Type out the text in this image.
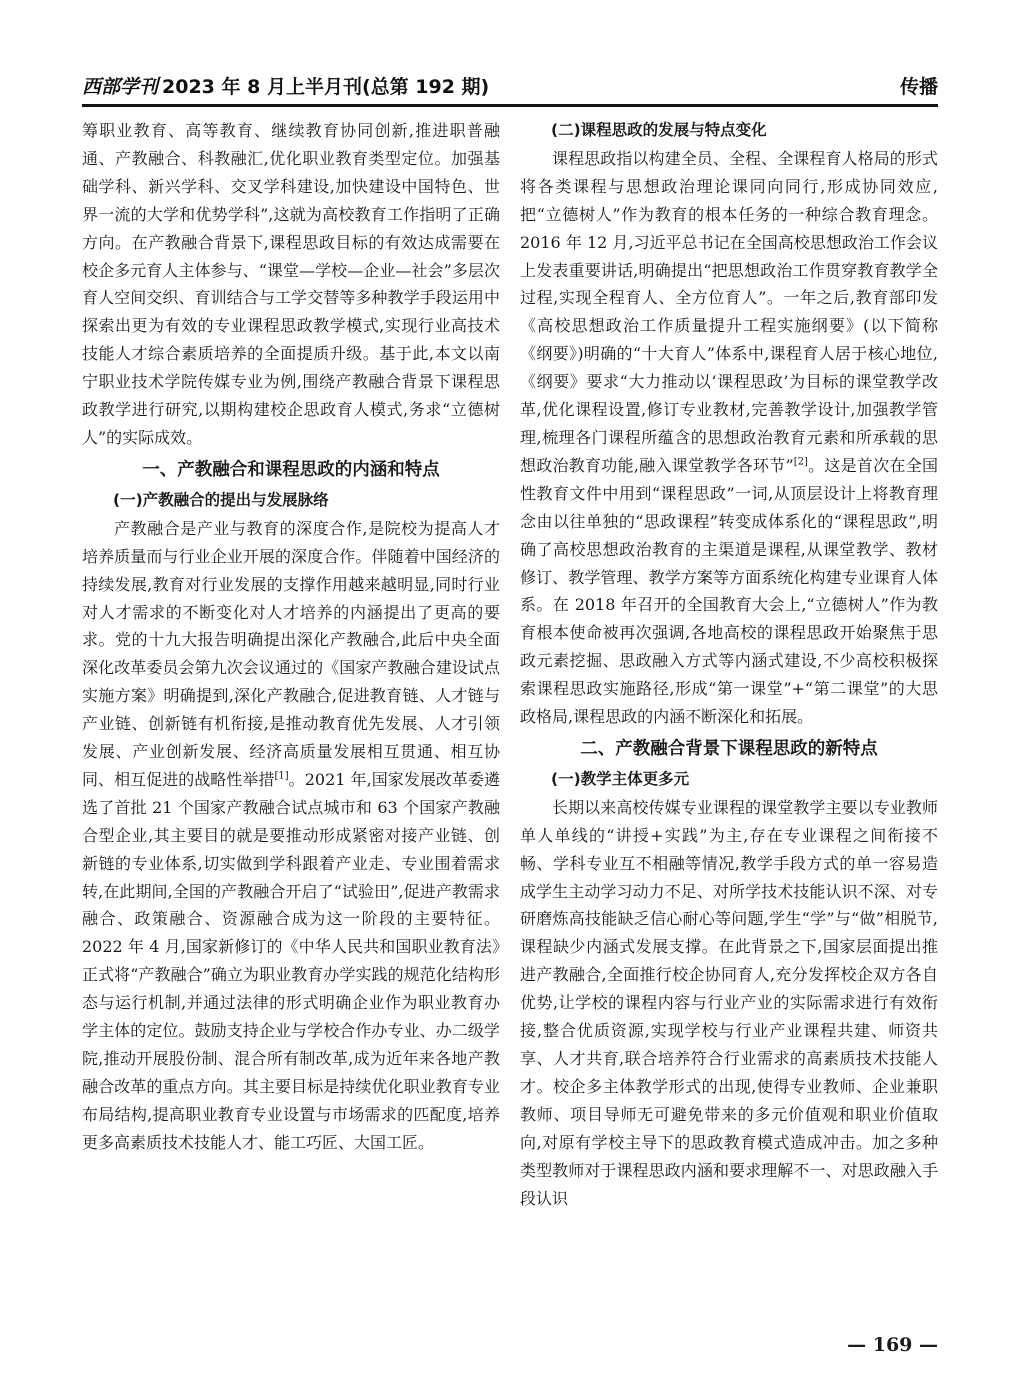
西部学刊 2023 年 8 月上半月刊(总第 192 期)	传播

筹职业教育、高等教育、继续教育协同创新,推进职普融通、产教融合、科教融汇,优化职业教育类型定位。加强基础学科、新兴学科、交叉学科建设,加快建设中国特色、世界一流的大学和优势学科”,这就为高校教育工作指明了正确方向。在产教融合背景下,课程思政目标的有效达成需要在校企多元育人主体参与、“课堂—学校—企业—社会”多层次育人空间交织、育训结合与工学交替等多种教学手段运用中探索出更为有效的专业课程思政教学模式,实现行业高技术技能人才综合素质培养的全面提质升级。基于此,本文以南宁职业技术学院传媒专业为例,围绕产教融合背景下课程思政教学进行研究,以期构建校企思政育人模式,务求“立德树人”的实际成效。

一、产教融合和课程思政的内涵和特点
(一)产教融合的提出与发展脉络

产教融合是产业与教育的深度合作,是院校为提高人才培养质量而与行业企业开展的深度合作。伴随着中国经济的持续发展,教育对行业发展的支撑作用越来越明显,同时行业对人才需求的不断变化对人才培养的内涵提出了更高的要求。党的十九大报告明确提出深化产教融合,此后中央全面深化改革委员会第九次会议通过的《国家产教融合建设试点实施方案》明确提到,深化产教融合,促进教育链、人才链与产业链、创新链有机衔接,是推动教育优先发展、人才引领发展、产业创新发展、经济高质量发展相互贯通、相互协同、相互促进的战略性举措[1]。2021 年,国家发展改革委遴选了首批 21 个国家产教融合试点城市和 63 个国家产教融合型企业,其主要目的就是要推动形成紧密对接产业链、创新链的专业体系,切实做到学科跟着产业走、专业围着需求转,在此期间,全国的产教融合开启了“试验田”,促进产教需求融合、政策融合、资源融合成为这一阶段的主要特征。2022 年 4 月,国家新修订的《中华人民共和国职业教育法》正式将“产教融合”确立为职业教育办学实践的规范化结构形态与运行机制,并通过法律的形式明确企业作为职业教育办学主体的定位。鼓励支持企业与学校合作办专业、办二级学院,推动开展股份制、混合所有制改革,成为近年来各地产教融合改革的重点方向。其主要目标是持续优化职业教育专业布局结构,提高职业教育专业设置与市场需求的匹配度,培养更多高素质技术技能人才、能工巧匠、大国工匠。

(二)课程思政的发展与特点变化

课程思政指以构建全员、全程、全课程育人格局的形式将各类课程与思想政治理论课同向同行,形成协同效应,把“立德树人”作为教育的根本任务的一种综合教育理念。2016 年 12 月,习近平总书记在全国高校思想政治工作会议上发表重要讲话,明确提出“把思想政治工作贯穿教育教学全过程,实现全程育人、全方位育人”。一年之后,教育部印发《高校思想政治工作质量提升工程实施纲要》(以下简称《纲要》)明确的“十大育人”体系中,课程育人居于核心地位,《纲要》要求“大力推动以‘课程思政’为目标的课堂教学改革,优化课程设置,修订专业教材,完善教学设计,加强教学管理,梳理各门课程所蕴含的思想政治教育元素和所承载的思想政治教育功能,融入课堂教学各环节”[2]。这是首次在全国性教育文件中用到“课程思政”一词,从顶层设计上将教育理念由以往单独的“思政课程”转变成体系化的“课程思政”,明确了高校思想政治教育的主渠道是课程,从课堂教学、教材修订、教学管理、教学方案等方面系统化构建专业课育人体系。在 2018 年召开的全国教育大会上,“立德树人”作为教育根本使命被再次强调,各地高校的课程思政开始聚焦于思政元素挖掘、思政融入方式等内涵式建设,不少高校积极探索课程思政实施路径,形成“第一课堂”+“第二课堂”的大思政格局,课程思政的内涵不断深化和拓展。

二、产教融合背景下课程思政的新特点
(一)教学主体更多元

长期以来高校传媒专业课程的课堂教学主要以专业教师单人单线的“讲授+实践”为主,存在专业课程之间衔接不畅、学科专业互不相融等情况,教学手段方式的单一容易造成学生主动学习动力不足、对所学技术技能认识不深、对专研磨炼高技能缺乏信心耐心等问题,学生“学”与“做”相脱节,课程缺少内涵式发展支撑。在此背景之下,国家层面提出推进产教融合,全面推行校企协同育人,充分发挥校企双方各自优势,让学校的课程内容与行业产业的实际需求进行有效衔接,整合优质资源,实现学校与行业产业课程共建、师资共享、人才共育,联合培养符合行业需求的高素质技术技能人才。校企多主体教学形式的出现,使得专业教师、企业兼职教师、项目导师无可避免带来的多元价值观和职业价值取向,对原有学校主导下的思政教育模式造成冲击。加之多种类型教师对于课程思政内涵和要求理解不一、对思政融入手段认识

— 169 —
